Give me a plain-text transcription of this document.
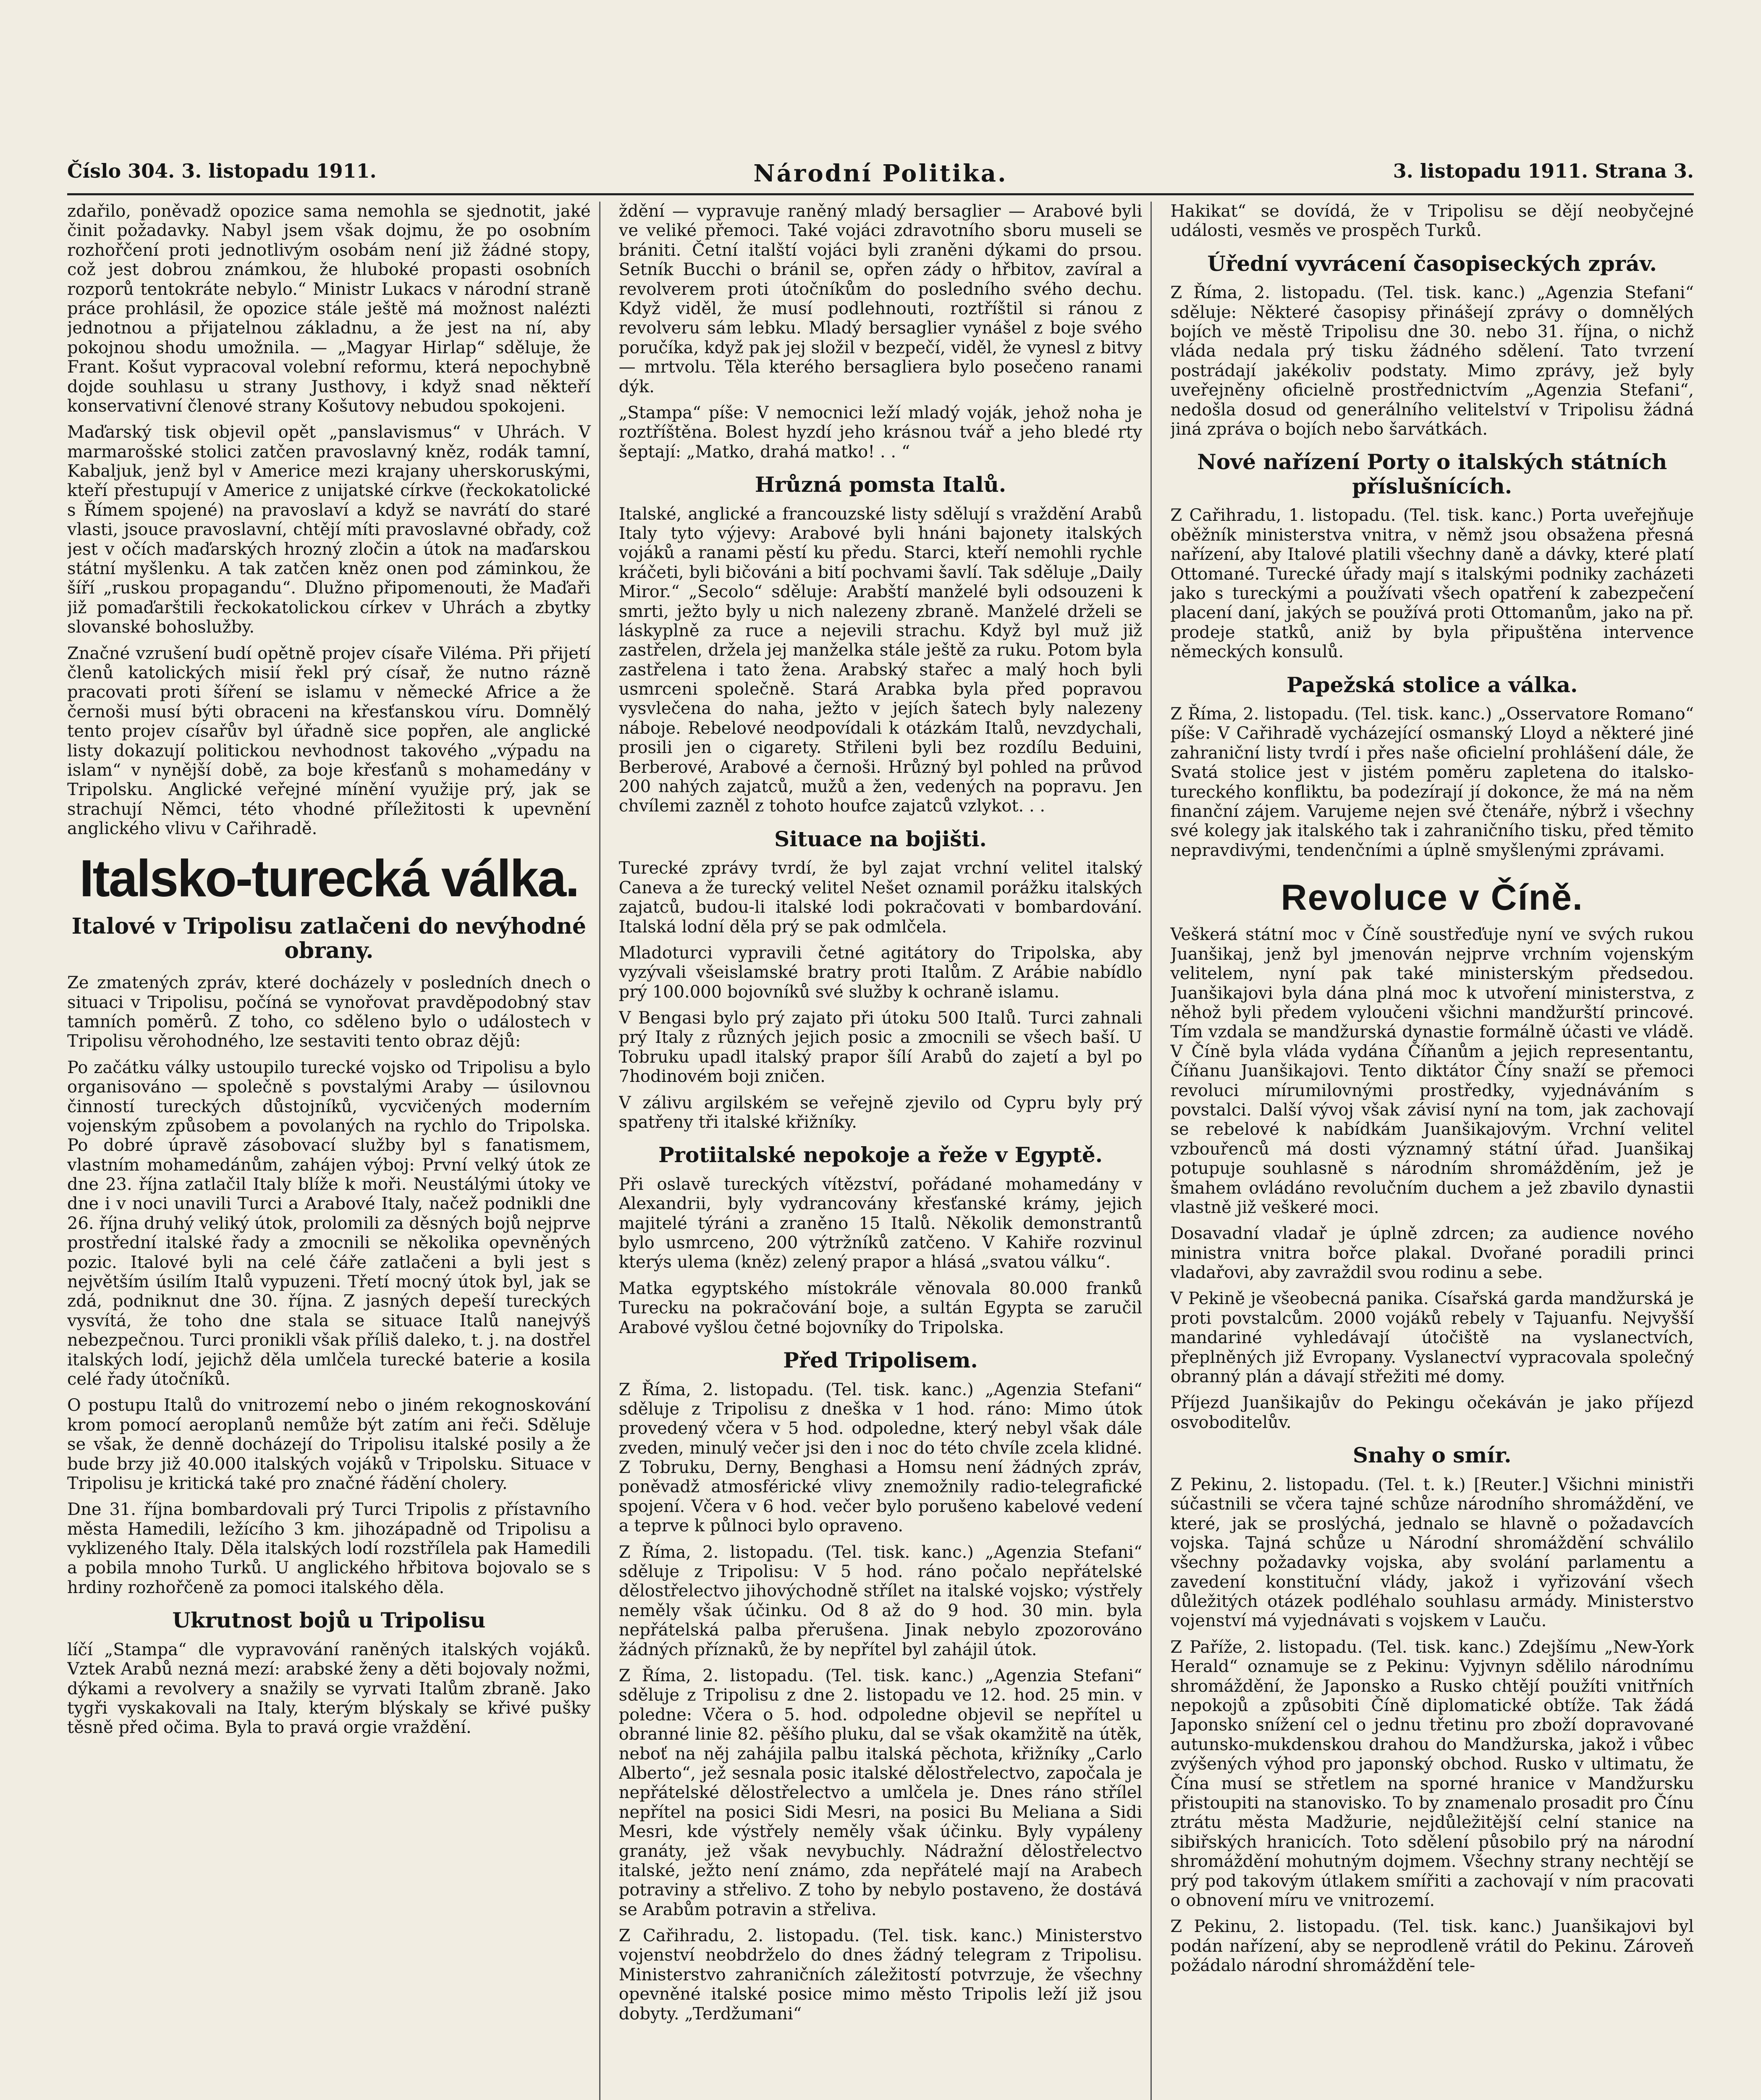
Číslo 304. 3. listopadu 1911.	Národní Politika.	3. listopadu 1911. Strana 3.

zdařilo, poněvadž opozice sama nemohla se sjednotit, jaké činit požadavky. Nabyl jsem však dojmu, že po osobním rozhořčení proti jednotlivým osobám není již žádné stopy, což jest dobrou známkou, že hluboké propasti osobních rozporů tentokráte nebylo.“ Ministr Lukacs v národní straně práce prohlásil, že opozice stále ještě má možnost nalézti jednotnou a přijatelnou základnu, a že jest na ní, aby pokojnou shodu umožnila. — „Magyar Hirlap“ sděluje, že Frant. Košut vypracoval volební reformu, která nepochybně dojde souhlasu u strany Justhovy, i když snad někteří konservativní členové strany Košutovy nebudou spokojeni.

Maďarský tisk objevil opět „panslavismus“ v Uhrách. V marmarošské stolici zatčen pravoslavný kněz, rodák tamní, Kabaljuk, jenž byl v Americe mezi krajany uherskoruskými, kteří přestupují v Americe z unijatské církve (řeckokatolické s Římem spojené) na pravoslaví a když se navrátí do staré vlasti, jsouce pravoslavní, chtějí míti pravoslavné obřady, což jest v očích maďarských hrozný zločin a útok na maďarskou státní myšlenku. A tak zatčen kněz onen pod záminkou, že šíří „ruskou propagandu“. Dlužno připomenouti, že Maďaři již pomaďarštili řeckokatolickou církev v Uhrách a zbytky slovanské bohoslužby.

Značné vzrušení budí opětně projev císaře Viléma. Při přijetí členů katolických misií řekl prý císař, že nutno rázně pracovati proti šíření se islamu v německé Africe a že černoši musí býti obraceni na křesťanskou víru. Domnělý tento projev císařův byl úřadně sice popřen, ale anglické listy dokazují politickou nevhodnost takového „výpadu na islam“ v nynější době, za boje křesťanů s mohamedány v Tripolsku. Anglické veřejné mínění využije prý, jak se strachují Němci, této vhodné příležitosti k upevnění anglického vlivu v Cařihradě.

Italsko-turecká válka.
Italové v Tripolisu zatlačeni do nevýhodné obrany.

Ze zmatených zpráv, které docházely v posledních dnech o situaci v Tripolisu, počíná se vynořovat pravděpodobný stav tamních poměrů. Z toho, co sděleno bylo o událostech v Tripolisu věrohodného, lze sestaviti tento obraz dějů:

Po začátku války ustoupilo turecké vojsko od Tripolisu a bylo organisováno — společně s povstalými Araby — úsilovnou činností tureckých důstojníků, vycvičených moderním vojenským způsobem a povolaných na rychlo do Tripolska. Po dobré úpravě zásobovací služby byl s fanatismem, vlastním mohamedánům, zahájen výboj: První velký útok ze dne 23. října zatlačil Italy blíže k moři. Neustálými útoky ve dne i v noci unavili Turci a Arabové Italy, načež podnikli dne 26. října druhý veliký útok, prolomili za děsných bojů nejprve prostřední italské řady a zmocnili se několika opevněných pozic. Italové byli na celé čáře zatlačeni a byli jest s největším úsilím Italů vypuzeni. Třetí mocný útok byl, jak se zdá, podniknut dne 30. října. Z jasných depeší tureckých vysvítá, že toho dne stala se situace Italů nanejvýš nebezpečnou. Turci pronikli však příliš daleko, t. j. na dostřel italských lodí, jejichž děla umlčela turecké baterie a kosila celé řady útočníků.

O postupu Italů do vnitrozemí nebo o jiném rekognoskování krom pomocí aeroplanů nemůže být zatím ani řeči. Sděluje se však, že denně docházejí do Tripolisu italské posily a že bude brzy již 40.000 italských vojáků v Tripolsku. Situace v Tripolisu je kritická také pro značné řádění cholery.

Dne 31. října bombardovali prý Turci Tripolis z přístavního města Hamedili, ležícího 3 km. jihozápadně od Tripolisu a vyklizeného Italy. Děla italských lodí rozstřílela pak Hamedili a pobila mnoho Turků. U anglického hřbitova bojovalo se s hrdiny rozhořčeně za pomoci italského děla.

Ukrutnost bojů u Tripolisu

líčí „Stampa“ dle vypravování raněných italských vojáků. Vztek Arabů nezná mezí: arabské ženy a děti bojovaly nožmi, dýkami a revolvery a snažily se vyrvati Italům zbraně. Jako tygři vyskakovali na Italy, kterým blýskaly se křivé pušky těsně před očima. Byla to pravá orgie vraždění.

ždění — vypravuje raněný mladý bersaglier — Arabové byli ve veliké přemoci. Také vojáci zdravotního sboru museli se brániti. Četní italští vojáci byli zraněni dýkami do prsou. Setník Bucchi o bránil se, opřen zády o hřbitov, zavíral a revolverem proti útočníkům do posledního svého dechu. Když viděl, že musí podlehnouti, roztříštil si ránou z revolveru sám lebku. Mladý bersaglier vynášel z boje svého poručíka, když pak jej složil v bezpečí, viděl, že vynesl z bitvy — mrtvolu. Těla kterého bersagliera bylo posečeno ranami dýk.

„Stampa“ píše: V nemocnici leží mladý voják, jehož noha je roztříštěna. Bolest hyzdí jeho krásnou tvář a jeho bledé rty šeptají: „Matko, drahá matko! . . “

Hrůzná pomsta Italů.

Italské, anglické a francouzské listy sdělují s vraždění Arabů Italy tyto výjevy: Arabové byli hnáni bajonety italských vojáků a ranami pěstí ku předu. Starci, kteří nemohli rychle kráčeti, byli bičováni a bití pochvami šavlí. Tak sděluje „Daily Miror.“ „Secolo“ sděluje: Arabští manželé byli odsouzeni k smrti, ježto byly u nich nalezeny zbraně. Manželé drželi se láskyplně za ruce a nejevili strachu. Když byl muž již zastřelen, držela jej manželka stále ještě za ruku. Potom byla zastřelena i tato žena. Arabský stařec a malý hoch byli usmrceni společně. Stará Arabka byla před popravou vysvlečena do naha, ježto v jejích šatech byly nalezeny náboje. Rebelové neodpovídali k otázkám Italů, nevzdychali, prosili jen o cigarety. Střileni byli bez rozdílu Beduini, Berberové, Arabové a černoši. Hrůzný byl pohled na průvod 200 nahých zajatců, mužů a žen, vedených na popravu. Jen chvílemi zazněl z tohoto houfce zajatců vzlykot. . .

Situace na bojišti.

Turecké zprávy tvrdí, že byl zajat vrchní velitel italský Caneva a že turecký velitel Nešet oznamil porážku italských zajatců, budou-li italské lodi pokračovati v bombardování. Italská lodní děla prý se pak odmlčela.

Mladoturci vypravili četné agitátory do Tripolska, aby vyzývali všeislamské bratry proti Italům. Z Arábie nabídlo prý 100.000 bojovníků své služby k ochraně islamu.

V Bengasi bylo prý zajato při útoku 500 Italů. Turci zahnali prý Italy z různých jejich posic a zmocnili se všech baší. U Tobruku upadl italský prapor šílí Arabů do zajetí a byl po 7hodinovém boji zničen.

V zálivu argilském se veřejně zjevilo od Cypru byly prý spatřeny tři italské křižníky.

Protiitalské nepokoje a řeže v Egyptě.

Při oslavě tureckých vítězství, pořádané mohamedány v Alexandrii, byly vydrancovány křesťanské krámy, jejich majitelé týráni a zraněno 15 Italů. Několik demonstrantů bylo usmrceno, 200 výtržníků zatčeno. V Kahiře rozvinul kterýs ulema (kněz) zelený prapor a hlásá „svatou válku“.

Matka egyptského místokrále věnovala 80.000 franků Turecku na pokračování boje, a sultán Egypta se zaručil Arabové vyšlou četné bojovníky do Tripolska.

Před Tripolisem.

Z Říma, 2. listopadu. (Tel. tisk. kanc.) „Agenzia Stefani“ sděluje z Tripolisu z dneška v 1 hod. ráno: Mimo útok provedený včera v 5 hod. odpoledne, který nebyl však dále zveden, minulý večer jsi den i noc do této chvíle zcela klidné. Z Tobruku, Derny, Benghasi a Homsu není žádných zpráv, poněvadž atmosférické vlivy znemožnily radio-telegrafické spojení. Včera v 6 hod. večer bylo porušeno kabelové vedení a teprve k půlnoci bylo opraveno.

Z Říma, 2. listopadu. (Tel. tisk. kanc.) „Agenzia Stefani“ sděluje z Tripolisu: V 5 hod. ráno počalo nepřátelské dělostřelectvo jihovýchodně střílet na italské vojsko; výstřely neměly však účinku. Od 8 až do 9 hod. 30 min. byla nepřátelská palba přerušena. Jinak nebylo zpozorováno žádných příznaků, že by nepřítel byl zahájil útok.

Z Říma, 2. listopadu. (Tel. tisk. kanc.) „Agenzia Stefani“ sděluje z Tripolisu z dne 2. listopadu ve 12. hod. 25 min. v poledne: Včera o 5. hod. odpoledne objevil se nepřítel u obranné linie 82. pěšího pluku, dal se však okamžitě na útěk, neboť na něj zahájila palbu italská pěchota, křižníky „Carlo Alberto“, jež sesnala posic italské dělostřelectvo, započala je nepřátelské dělostřelectvo a umlčela je. Dnes ráno střílel nepřítel na posici Sidi Mesri, na posici Bu Meliana a Sidi Mesri, kde výstřely neměly však účinku. Byly vypáleny granáty, jež však nevybuchly. Nádražní dělostřelectvo italské, ježto není známo, zda nepřátelé mají na Arabech potraviny a střelivo. Z toho by nebylo postaveno, že dostává se Arabům potravin a střeliva.

Z Cařihradu, 2. listopadu. (Tel. tisk. kanc.) Ministerstvo vojenství neobdrželo do dnes žádný telegram z Tripolisu. Ministerstvo zahraničních záležitostí potvrzuje, že všechny opevněné italské posice mimo město Tripolis leží již jsou dobyty. „Terdžumani“

Hakikat“ se dovídá, že v Tripolisu se dějí neobyčejné události, vesměs ve prospěch Turků.

Úřední vyvrácení časopiseckých zpráv.

Z Říma, 2. listopadu. (Tel. tisk. kanc.) „Agenzia Stefani“ sděluje: Některé časopisy přinášejí zprávy o domnělých bojích ve městě Tripolisu dne 30. nebo 31. října, o nichž vláda nedala prý tisku žádného sdělení. Tato tvrzení postrádají jakékoliv podstaty. Mimo zprávy, jež byly uveřejněny oficielně prostřednictvím „Agenzia Stefani“, nedošla dosud od generálního velitelství v Tripolisu žádná jiná zpráva o bojích nebo šarvátkách.

Nové nařízení Porty o italských státních příslušnících.

Z Cařihradu, 1. listopadu. (Tel. tisk. kanc.) Porta uveřejňuje oběžník ministerstva vnitra, v němž jsou obsažena přesná nařízení, aby Italové platili všechny daně a dávky, které platí Ottomané. Turecké úřady mají s italskými podniky zacházeti jako s tureckými a používati všech opatření k zabezpečení placení daní, jakých se používá proti Ottomanům, jako na př. prodeje statků, aniž by byla připuštěna intervence německých konsulů.

Papežská stolice a válka.

Z Říma, 2. listopadu. (Tel. tisk. kanc.) „Osservatore Romano“ píše: V Cařihradě vycházející osmanský Lloyd a některé jiné zahraniční listy tvrdí i přes naše oficielní prohlášení dále, že Svatá stolice jest v jistém poměru zapletena do italsko-tureckého konfliktu, ba podezírají jí dokonce, že má na něm finanční zájem. Varujeme nejen své čtenáře, nýbrž i všechny své kolegy jak italského tak i zahraničního tisku, před těmito nepravdivými, tendenčními a úplně smyšlenými zprávami.

Revoluce v Číně.

Veškerá státní moc v Číně soustřeďuje nyní ve svých rukou Juanšikaj, jenž byl jmenován nejprve vrchním vojenským velitelem, nyní pak také ministerským předsedou. Juanšikajovi byla dána plná moc k utvoření ministerstva, z něhož byli předem vyloučeni všichni mandžurští princové. Tím vzdala se mandžurská dynastie formálně účasti ve vládě. V Číně byla vláda vydána Číňanům a jejich representantu, Číňanu Juanšikajovi. Tento diktátor Číny snaží se přemoci revoluci mírumilovnými prostředky, vyjednáváním s povstalci. Další vývoj však závisí nyní na tom, jak zachovají se rebelové k nabídkám Juanšikajovým. Vrchní velitel vzbouřenců má dosti významný státní úřad. Juanšikaj potupuje souhlasně s národním shromážděním, jež je šmahem ovládáno revolučním duchem a jež zbavilo dynastii vlastně již veškeré moci.

Dosavadní vladař je úplně zdrcen; za audience nového ministra vnitra bořce plakal. Dvořané poradili princi vladařovi, aby zavraždil svou rodinu a sebe.

V Pekině je všeobecná panika. Císařská garda mandžurská je proti povstalcům. 2000 vojáků rebely v Tajuanfu. Nejvyšší mandariné vyhledávají útočiště na vyslanectvích, přeplněných již Evropany. Vyslanectví vypracovala společný obranný plán a dávají střežiti mé domy.

Příjezd Juanšikajův do Pekingu očekáván je jako příjezd osvoboditelův.

Snahy o smír.

Z Pekinu, 2. listopadu. (Tel. t. k.) [Reuter.] Všichni ministři súčastnili se včera tajné schůze národního shromáždění, ve které, jak se proslýchá, jednalo se hlavně o požadavcích vojska. Tajná schůze u Národní shromáždění schválilo všechny požadavky vojska, aby svolání parlamentu a zavedení konstituční vlády, jakož i vyřizování všech důležitých otázek podléhalo souhlasu armády. Ministerstvo vojenství má vyjednávati s vojskem v Lauču.

Z Paříže, 2. listopadu. (Tel. tisk. kanc.) Zdejšímu „New-York Herald“ oznamuje se z Pekinu: Vyjvnyn sdělilo národnímu shromáždění, že Japonsko a Rusko chtějí použíti vnitřních nepokojů a způsobiti Číně diplomatické obtíže. Tak žádá Japonsko snížení cel o jednu třetinu pro zboží dopravované autunsko-mukdenskou drahou do Mandžurska, jakož i vůbec zvýšených výhod pro japonský obchod. Rusko v ultimatu, že Čína musí se střetlem na sporné hranice v Mandžursku přistoupiti na stanovisko. To by znamenalo prosadit pro Čínu ztrátu města Madžurie, nejdůležitější celní stanice na sibiřských hranicích. Toto sdělení působilo prý na národní shromáždění mohutným dojmem. Všechny strany nechtějí se prý pod takovým útlakem smířiti a zachovají v ním pracovati o obnovení míru ve vnitrozemí.

Z Pekinu, 2. listopadu. (Tel. tisk. kanc.) Juanšikajovi byl podán nařízení, aby se neprodleně vrátil do Pekinu. Zároveň požádalo národní shromáždění tele-
